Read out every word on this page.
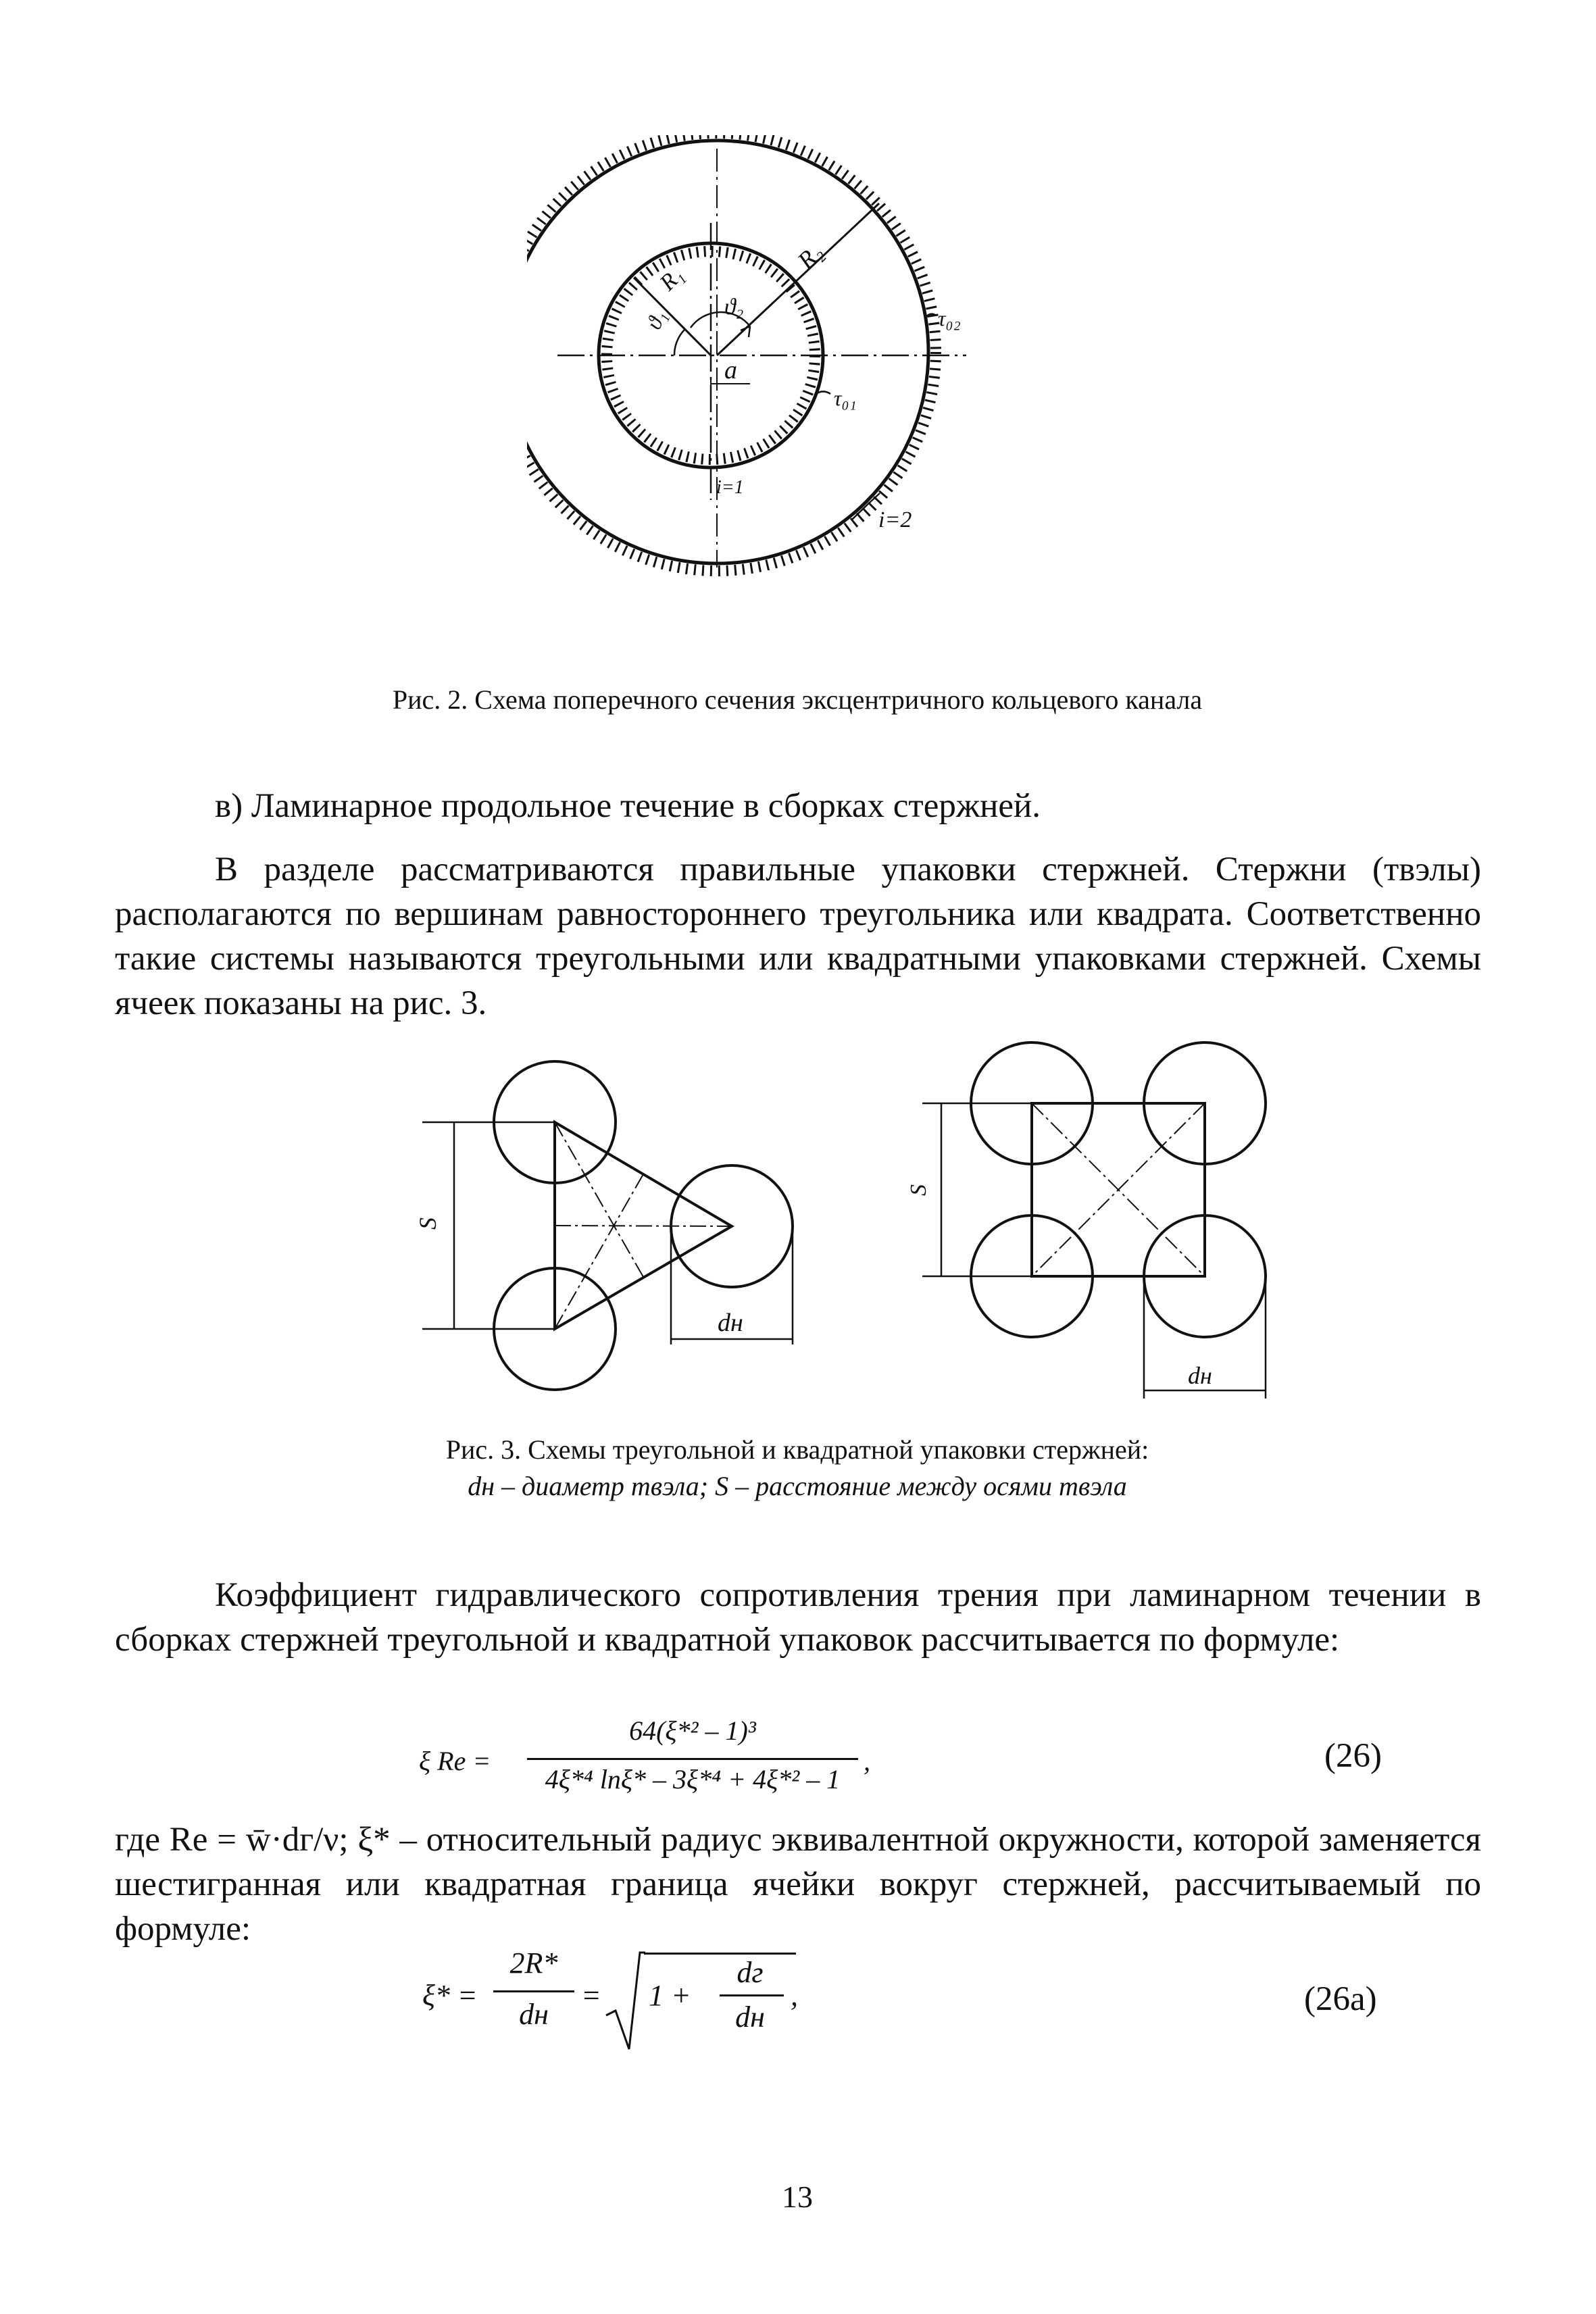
R₁
R₂
ϑ₁ ϑ₂
a
τ₀₁
τ₀₂
i=1
i=2
Рис. 2. Схема поперечного сечения эксцентричного кольцевого канала
в) Ламинарное продольное течение в сборках стержней.
В разделе рассматриваются правильные упаковки стержней. Стержни (твэлы) располагаются по вершинам равностороннего треугольника или квадрата. Соответственно такие системы называются треугольными или квадратными упаковками стержней. Схемы ячеек показаны на рис. 3.
S
dн
S
dн
Рис. 3. Схемы треугольной и квадратной упаковки стержней:
dн – диаметр твэла; S – расстояние между осями твэла
Коэффициент гидравлического сопротивления трения при ламинарном течении в сборках стержней треугольной и квадратной упаковок рассчитывается по формуле:
ξ Re =
64(ξ*² – 1)³
4ξ*⁴ lnξ* – 3ξ*⁴ + 4ξ*² – 1
,	(26)
где Re = w̄·dг/ν; ξ* – относительный радиус эквивалентной окружности, которой заменяется шестигранная или квадратная граница ячейки вокруг стержней, рассчитываемый по формуле:
ξ* =
2R*
dн
= 1 +
dг
dн
,	(26а)
13
